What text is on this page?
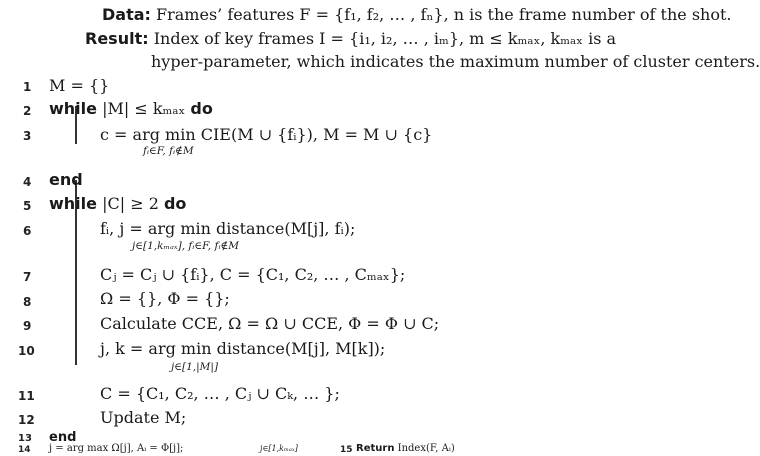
Data: Frames’ features F = {f₁, f₂, … , fₙ}, n is the frame number of the shot.
Result: Index of key frames I = {i₁, i₂, … , iₘ}, m ≤ kₘₐₓ, kₘₐₓ is a
hyper-parameter, which indicates the maximum number of cluster centers.
1 M = {}
2 while |M| ≤ kₘₐₓ do
3	c = arg min CIE(M ∪ {fᵢ}), M = M ∪ {c}
fᵢ∈F, fᵢ∉M
4 end
5 while |C| ≥ 2 do
6	fᵢ, j = arg min distance(M[j], fᵢ);
j∈[1,kₘₐₓ], fᵢ∈F, fᵢ∉M
7	Cⱼ = Cⱼ ∪ {fᵢ}, C = {C₁, C₂, … , Cₘₐₓ};
8	Ω = {}, Φ = {};
9	Calculate CCE, Ω = Ω ∪ CCE, Φ = Φ ∪ C;
10	j, k = arg min distance(M[j], M[k]);
j∈[1,|M|]
11	C = {C₁, C₂, … , Cⱼ ∪ Cₖ, … };
12	Update M;
13 end
14 j = arg max Ω[j], Aᵢ = Φ[j];	j∈[1,kₘₐₓ]	15 Return Index(F, Aᵢ)
